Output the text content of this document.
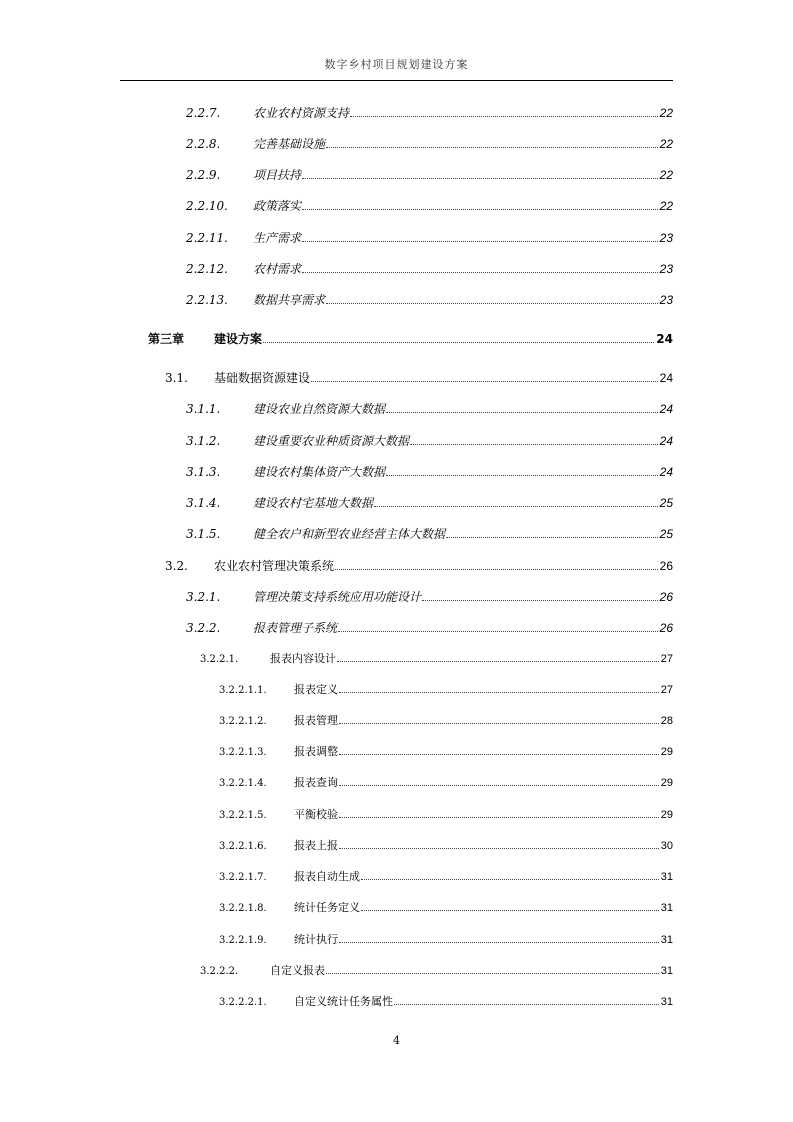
数字乡村项目规划建设方案
2.2.7.	农业农村资源支持	22
2.2.8.	完善基础设施	22
2.2.9.	项目扶持	22
2.2.10.	政策落实	22
2.2.11.	生产需求	23
2.2.12.	农村需求	23
2.2.13.	数据共享需求	23
第三章	建设方案	24
3.1.	基础数据资源建设	24
3.1.1.	建设农业自然资源大数据	24
3.1.2.	建设重要农业种质资源大数据	24
3.1.3.	建设农村集体资产大数据	24
3.1.4.	建设农村宅基地大数据	25
3.1.5.	健全农户和新型农业经营主体大数据	25
3.2.	农业农村管理决策系统	26
3.2.1.	管理决策支持系统应用功能设计	26
3.2.2.	报表管理子系统	26
3.2.2.1.	报表内容设计	27
3.2.2.1.1.	报表定义	27
3.2.2.1.2.	报表管理	28
3.2.2.1.3.	报表调整	29
3.2.2.1.4.	报表查询	29
3.2.2.1.5.	平衡校验	29
3.2.2.1.6.	报表上报	30
3.2.2.1.7.	报表自动生成	31
3.2.2.1.8.	统计任务定义	31
3.2.2.1.9.	统计执行	31
3.2.2.2.	自定义报表	31
3.2.2.2.1.	自定义统计任务属性	31
4
